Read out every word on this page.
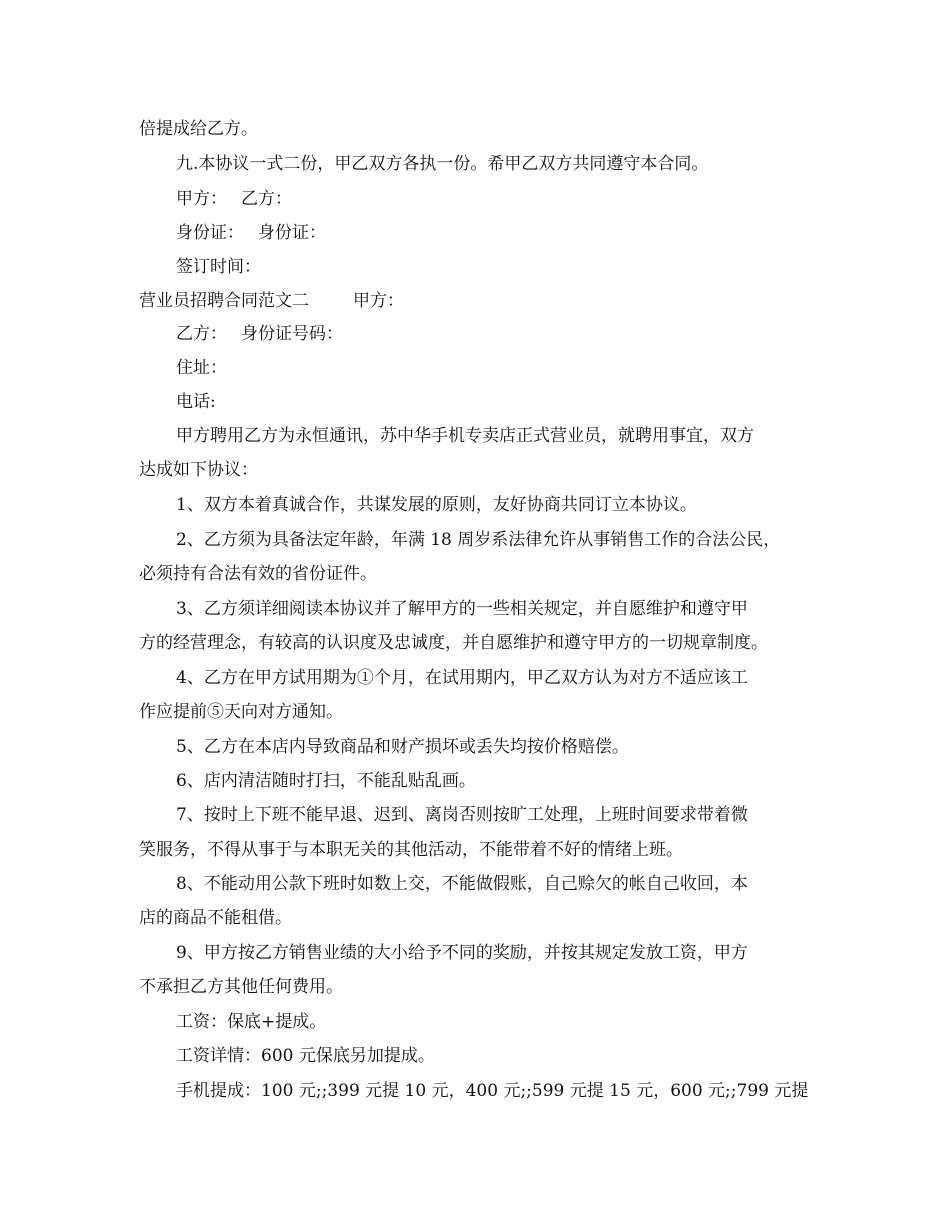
倍提成给乙方。
九.本协议一式二份，甲乙双方各执一份。希甲乙双方共同遵守本合同。
甲方： 乙方：
身份证： 身份证：
签订时间：
营业员招聘合同范文二	甲方：
乙方： 身份证号码：
住址：
电话:
甲方聘用乙方为永恒通讯，苏中华手机专卖店正式营业员，就聘用事宜，双方
达成如下协议：
1、双方本着真诚合作，共谋发展的原则，友好协商共同订立本协议。
2、乙方须为具备法定年龄，年满 18 周岁系法律允许从事销售工作的合法公民，
必须持有合法有效的省份证件。
3、乙方须详细阅读本协议并了解甲方的一些相关规定，并自愿维护和遵守甲
方的经营理念，有较高的认识度及忠诚度，并自愿维护和遵守甲方的一切规章制度。
4、乙方在甲方试用期为①个月，在试用期内，甲乙双方认为对方不适应该工
作应提前⑤天向对方通知。
5、乙方在本店内导致商品和财产损坏或丢失均按价格赔偿。
6、店内清洁随时打扫，不能乱贴乱画。
7、按时上下班不能早退、迟到、离岗否则按旷工处理，上班时间要求带着微
笑服务，不得从事于与本职无关的其他活动，不能带着不好的情绪上班。
8、不能动用公款下班时如数上交，不能做假账，自己赊欠的帐自己收回，本
店的商品不能租借。
9、甲方按乙方销售业绩的大小给予不同的奖励，并按其规定发放工资，甲方
不承担乙方其他任何费用。
工资：保底+提成。
工资详情：600 元保底另加提成。
手机提成：100 元;;399 元提 10 元，400 元;;599 元提 15 元，600 元;;799 元提
